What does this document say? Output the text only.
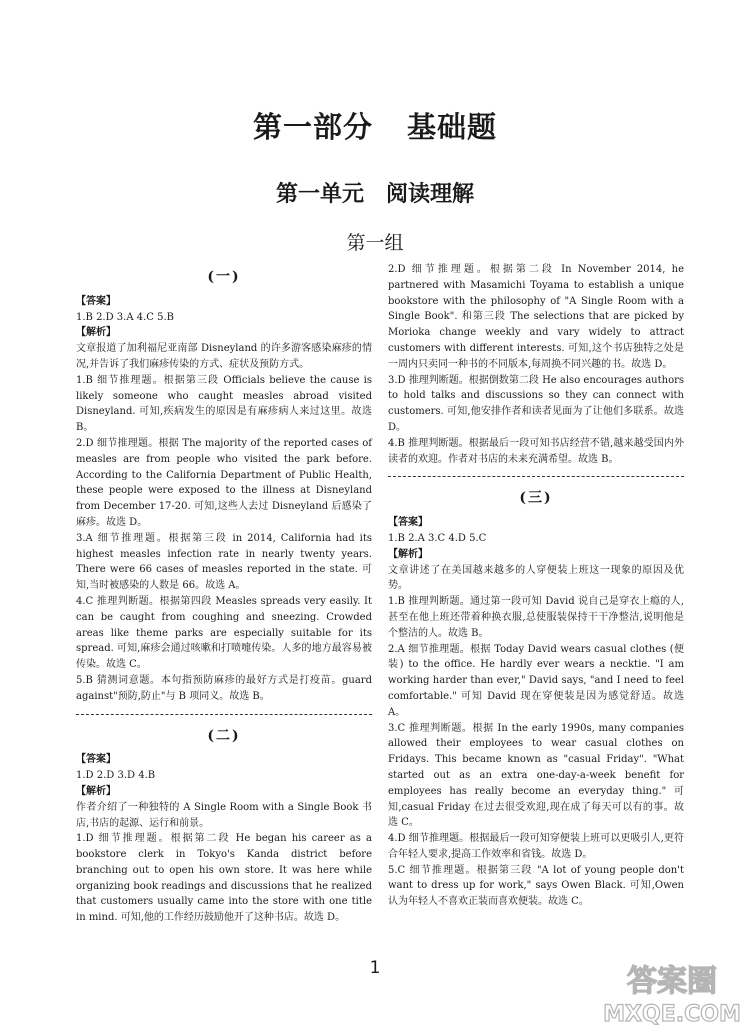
第一部分 基础题
第一单元 阅读理解
第一组
(一)

【答案】

1.B 2.D 3.A 4.C 5.B

【解析】

文章报道了加利福尼亚南部 Disneyland 的许多游客感染麻疹的情况,并告诉了我们麻疹传染的方式、症状及预防方式。

1.B 细节推理题。根据第三段 Officials believe the cause is likely someone who caught measles abroad visited Disneyland. 可知,疾病发生的原因是有麻疹病人来过这里。故选 B。

2.D 细节推理题。根据 The majority of the reported cases of measles are from people who visited the park before. According to the California Department of Public Health, these people were exposed to the illness at Disneyland from December 17-20. 可知,这些人去过 Disneyland 后感染了麻疹。故选 D。

3.A 细节推理题。根据第三段 in 2014, California had its highest measles infection rate in nearly twenty years. There were 66 cases of measles reported in the state. 可知,当时被感染的人数是 66。故选 A。

4.C 推理判断题。根据第四段 Measles spreads very easily. It can be caught from coughing and sneezing. Crowded areas like theme parks are especially suitable for its spread. 可知,麻疹会通过咳嗽和打喷嚏传染。人多的地方最容易被传染。故选 C。

5.B 猜测词意题。本句指预防麻疹的最好方式是打疫苗。guard against"预防,防止"与 B 项同义。故选 B。

(二)

【答案】

1.D 2.D 3.D 4.B

【解析】

作者介绍了一种独特的 A Single Room with a Single Book 书店,书店的起源、运行和前景。

1.D 细节推理题。根据第二段 He began his career as a bookstore clerk in Tokyo's Kanda district before branching out to open his own store. It was here while organizing book readings and discussions that he realized that customers usually came into the store with one title in mind. 可知,他的工作经历鼓励他开了这种书店。故选 D。

2.D 细节推理题。根据第二段 In November 2014, he partnered with Masamichi Toyama to establish a unique bookstore with the philosophy of "A Single Room with a Single Book". 和第三段 The selections that are picked by Morioka change weekly and vary widely to attract customers with different interests. 可知,这个书店独特之处是一周内只卖同一种书的不同版本,每周换不同兴趣的书。故选 D。

3.D 推理判断题。根据倒数第二段 He also encourages authors to hold talks and discussions so they can connect with customers. 可知,他安排作者和读者见面为了让他们多联系。故选 D。

4.B 推理判断题。根据最后一段可知书店经营不错,越来越受国内外读者的欢迎。作者对书店的未来充满希望。故选 B。

(三)

【答案】

1.B 2.A 3.C 4.D 5.C

【解析】

文章讲述了在美国越来越多的人穿便装上班这一现象的原因及优势。

1.B 推理判断题。通过第一段可知 David 说自己是穿衣上瘾的人,甚至在他上班还带着种换衣服,总使服装保持干干净整洁,说明他是个整洁的人。故选 B。

2.A 细节推理题。根据 Today David wears casual clothes (便装) to the office. He hardly ever wears a necktie. "I am working harder than ever," David says, "and I need to feel comfortable." 可知 David 现在穿便装是因为感觉舒适。故选 A。

3.C 推理判断题。根据 In the early 1990s, many companies allowed their employees to wear casual clothes on Fridays. This became known as "casual Friday". "What started out as an extra one-day-a-week benefit for employees has really become an everyday thing." 可知,casual Friday 在过去很受欢迎,现在成了每天可以有的事。故选 C。

4.D 细节推理题。根据最后一段可知穿便装上班可以更吸引人,更符合年轻人要求,提高工作效率和省钱。故选 D。

5.C 细节推理题。根据第三段 "A lot of young people don't want to dress up for work," says Owen Black. 可知,Owen 认为年轻人不喜欢正装而喜欢便装。故选 C。

1	答案圈
MXQE.COM
